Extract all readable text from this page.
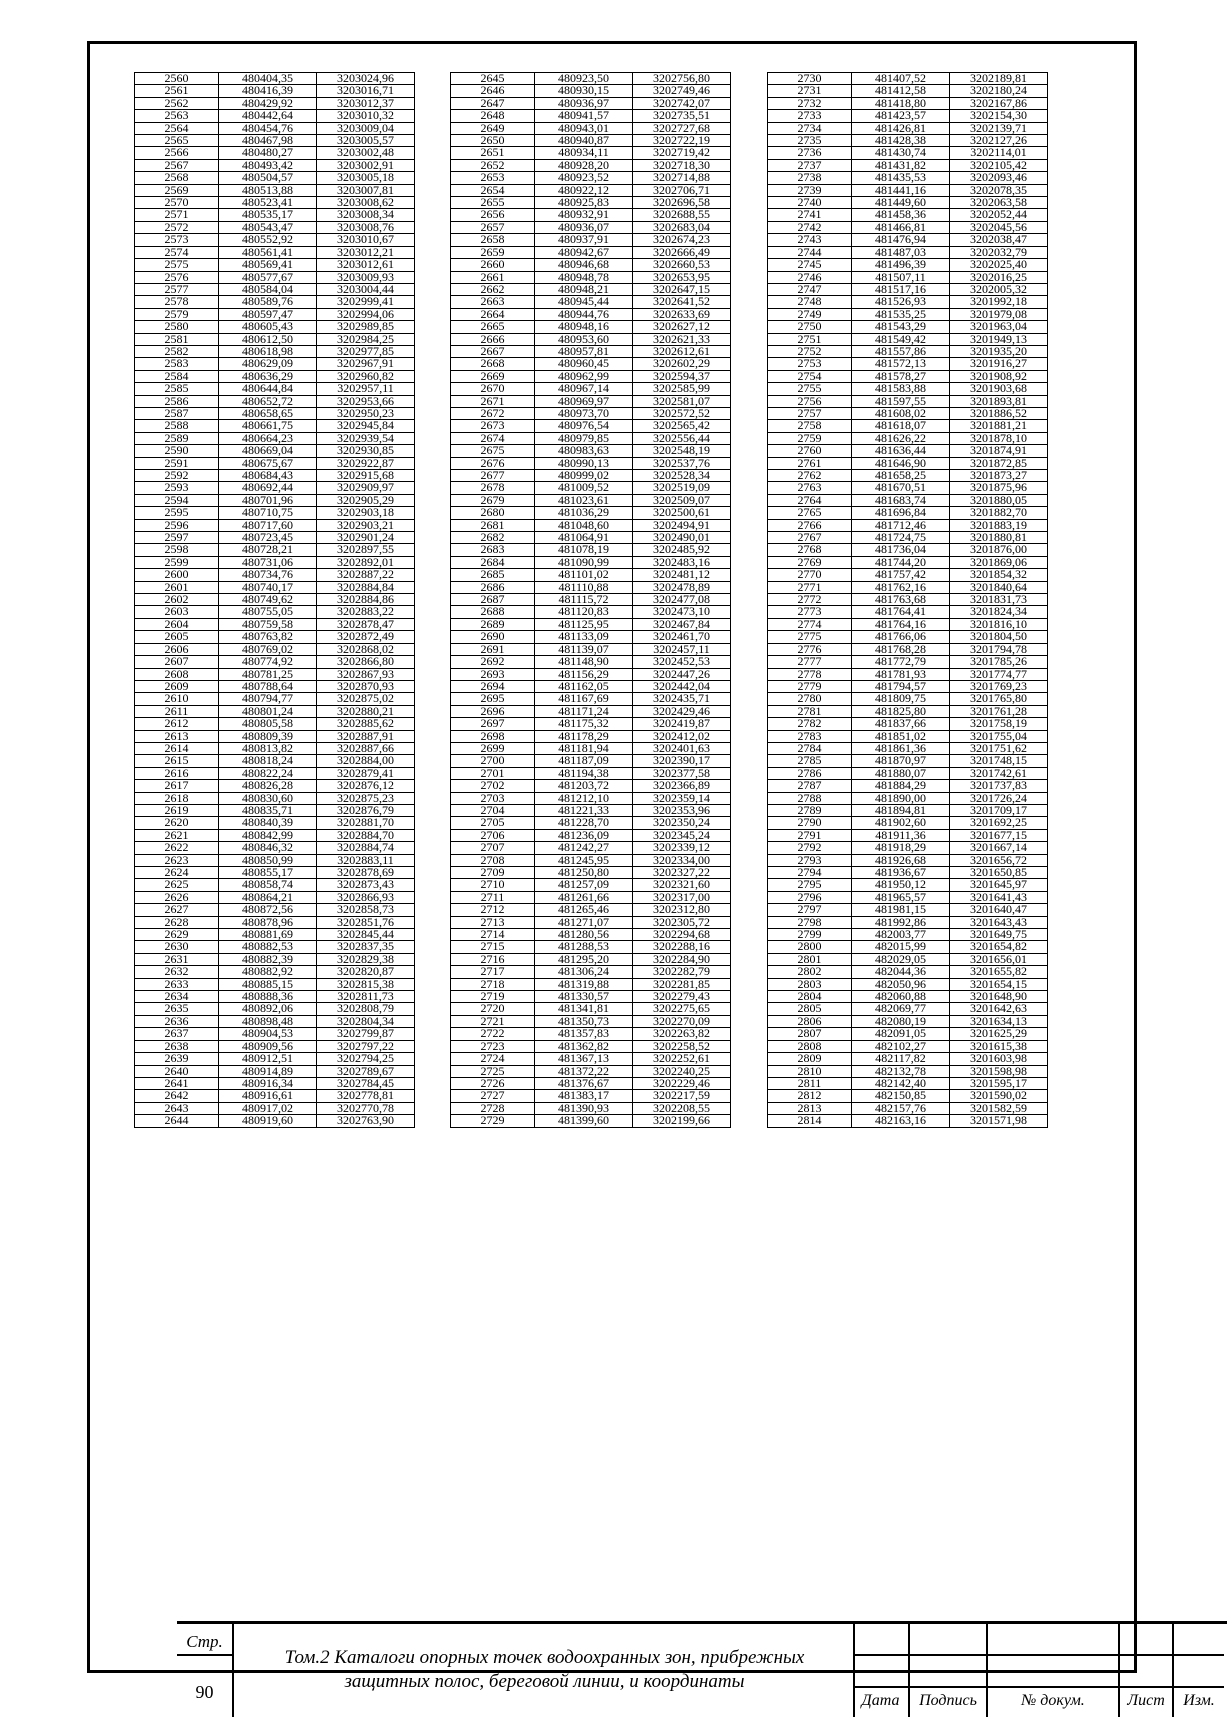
Стр.
90
Том.2 Каталоги опорных точек водоохранных зон, прибрежных
защитных полос, береговой линии, и координаты
Дата	Подпись	№ докум.	Лист	Изм.
2560	480404,35	3203024,96
2561	480416,39	3203016,71
2562	480429,92	3203012,37
2563	480442,64	3203010,32
2564	480454,76	3203009,04
2565	480467,98	3203005,57
2566	480480,27	3203002,48
2567	480493,42	3203002,91
2568	480504,57	3203005,18
2569	480513,88	3203007,81
2570	480523,41	3203008,62
2571	480535,17	3203008,34
2572	480543,47	3203008,76
2573	480552,92	3203010,67
2574	480561,41	3203012,21
2575	480569,41	3203012,61
2576	480577,67	3203009,93
2577	480584,04	3203004,44
2578	480589,76	3202999,41
2579	480597,47	3202994,06
2580	480605,43	3202989,85
2581	480612,50	3202984,25
2582	480618,98	3202977,85
2583	480629,09	3202967,91
2584	480636,29	3202960,82
2585	480644,84	3202957,11
2586	480652,72	3202953,66
2587	480658,65	3202950,23
2588	480661,75	3202945,84
2589	480664,23	3202939,54
2590	480669,04	3202930,85
2591	480675,67	3202922,87
2592	480684,43	3202915,68
2593	480692,44	3202909,97
2594	480701,96	3202905,29
2595	480710,75	3202903,18
2596	480717,60	3202903,21
2597	480723,45	3202901,24
2598	480728,21	3202897,55
2599	480731,06	3202892,01
2600	480734,76	3202887,22
2601	480740,17	3202884,84
2602	480749,62	3202884,86
2603	480755,05	3202883,22
2604	480759,58	3202878,47
2605	480763,82	3202872,49
2606	480769,02	3202868,02
2607	480774,92	3202866,80
2608	480781,25	3202867,93
2609	480788,64	3202870,93
2610	480794,77	3202875,02
2611	480801,24	3202880,21
2612	480805,58	3202885,62
2613	480809,39	3202887,91
2614	480813,82	3202887,66
2615	480818,24	3202884,00
2616	480822,24	3202879,41
2617	480826,28	3202876,12
2618	480830,60	3202875,23
2619	480835,71	3202876,79
2620	480840,39	3202881,70
2621	480842,99	3202884,70
2622	480846,32	3202884,74
2623	480850,99	3202883,11
2624	480855,17	3202878,69
2625	480858,74	3202873,43
2626	480864,21	3202866,93
2627	480872,56	3202858,73
2628	480878,96	3202851,76
2629	480881,69	3202845,44
2630	480882,53	3202837,35
2631	480882,39	3202829,38
2632	480882,92	3202820,87
2633	480885,15	3202815,38
2634	480888,36	3202811,73
2635	480892,06	3202808,79
2636	480898,48	3202804,34
2637	480904,53	3202799,87
2638	480909,56	3202797,22
2639	480912,51	3202794,25
2640	480914,89	3202789,67
2641	480916,34	3202784,45
2642	480916,61	3202778,81
2643	480917,02	3202770,78
2644	480919,60	3202763,90
2645	480923,50	3202756,80
2646	480930,15	3202749,46
2647	480936,97	3202742,07
2648	480941,57	3202735,51
2649	480943,01	3202727,68
2650	480940,87	3202722,19
2651	480934,11	3202719,42
2652	480928,20	3202718,30
2653	480923,52	3202714,88
2654	480922,12	3202706,71
2655	480925,83	3202696,58
2656	480932,91	3202688,55
2657	480936,07	3202683,04
2658	480937,91	3202674,23
2659	480942,67	3202666,49
2660	480946,68	3202660,53
2661	480948,78	3202653,95
2662	480948,21	3202647,15
2663	480945,44	3202641,52
2664	480944,76	3202633,69
2665	480948,16	3202627,12
2666	480953,60	3202621,33
2667	480957,81	3202612,61
2668	480960,45	3202602,29
2669	480962,99	3202594,37
2670	480967,14	3202585,99
2671	480969,97	3202581,07
2672	480973,70	3202572,52
2673	480976,54	3202565,42
2674	480979,85	3202556,44
2675	480983,63	3202548,19
2676	480990,13	3202537,76
2677	480999,02	3202528,34
2678	481009,52	3202519,09
2679	481023,61	3202509,07
2680	481036,29	3202500,61
2681	481048,60	3202494,91
2682	481064,91	3202490,01
2683	481078,19	3202485,92
2684	481090,99	3202483,16
2685	481101,02	3202481,12
2686	481110,88	3202478,89
2687	481115,72	3202477,08
2688	481120,83	3202473,10
2689	481125,95	3202467,84
2690	481133,09	3202461,70
2691	481139,07	3202457,11
2692	481148,90	3202452,53
2693	481156,29	3202447,26
2694	481162,05	3202442,04
2695	481167,69	3202435,71
2696	481171,24	3202429,46
2697	481175,32	3202419,87
2698	481178,29	3202412,02
2699	481181,94	3202401,63
2700	481187,09	3202390,17
2701	481194,38	3202377,58
2702	481203,72	3202366,89
2703	481212,10	3202359,14
2704	481221,33	3202353,96
2705	481228,70	3202350,24
2706	481236,09	3202345,24
2707	481242,27	3202339,12
2708	481245,95	3202334,00
2709	481250,80	3202327,22
2710	481257,09	3202321,60
2711	481261,66	3202317,00
2712	481265,46	3202312,80
2713	481271,07	3202305,72
2714	481280,56	3202294,68
2715	481288,53	3202288,16
2716	481295,20	3202284,90
2717	481306,24	3202282,79
2718	481319,88	3202281,85
2719	481330,57	3202279,43
2720	481341,81	3202275,65
2721	481350,73	3202270,09
2722	481357,83	3202263,82
2723	481362,82	3202258,52
2724	481367,13	3202252,61
2725	481372,22	3202240,25
2726	481376,67	3202229,46
2727	481383,17	3202217,59
2728	481390,93	3202208,55
2729	481399,60	3202199,66
2730	481407,52	3202189,81
2731	481412,58	3202180,24
2732	481418,80	3202167,86
2733	481423,57	3202154,30
2734	481426,81	3202139,71
2735	481428,38	3202127,26
2736	481430,74	3202114,01
2737	481431,82	3202105,42
2738	481435,53	3202093,46
2739	481441,16	3202078,35
2740	481449,60	3202063,58
2741	481458,36	3202052,44
2742	481466,81	3202045,56
2743	481476,94	3202038,47
2744	481487,03	3202032,79
2745	481496,39	3202025,40
2746	481507,11	3202016,25
2747	481517,16	3202005,32
2748	481526,93	3201992,18
2749	481535,25	3201979,08
2750	481543,29	3201963,04
2751	481549,42	3201949,13
2752	481557,86	3201935,20
2753	481572,13	3201916,27
2754	481578,27	3201908,92
2755	481583,88	3201903,68
2756	481597,55	3201893,81
2757	481608,02	3201886,52
2758	481618,07	3201881,21
2759	481626,22	3201878,10
2760	481636,44	3201874,91
2761	481646,90	3201872,85
2762	481658,25	3201873,27
2763	481670,51	3201875,96
2764	481683,74	3201880,05
2765	481696,84	3201882,70
2766	481712,46	3201883,19
2767	481724,75	3201880,81
2768	481736,04	3201876,00
2769	481744,20	3201869,06
2770	481757,42	3201854,32
2771	481762,16	3201840,64
2772	481763,68	3201831,73
2773	481764,41	3201824,34
2774	481764,16	3201816,10
2775	481766,06	3201804,50
2776	481768,28	3201794,78
2777	481772,79	3201785,26
2778	481781,93	3201774,77
2779	481794,57	3201769,23
2780	481809,75	3201765,80
2781	481825,80	3201761,28
2782	481837,66	3201758,19
2783	481851,02	3201755,04
2784	481861,36	3201751,62
2785	481870,97	3201748,15
2786	481880,07	3201742,61
2787	481884,29	3201737,83
2788	481890,00	3201726,24
2789	481894,81	3201709,17
2790	481902,60	3201692,25
2791	481911,36	3201677,15
2792	481918,29	3201667,14
2793	481926,68	3201656,72
2794	481936,67	3201650,85
2795	481950,12	3201645,97
2796	481965,57	3201641,43
2797	481981,15	3201640,47
2798	481992,86	3201643,43
2799	482003,77	3201649,75
2800	482015,99	3201654,82
2801	482029,05	3201656,01
2802	482044,36	3201655,82
2803	482050,96	3201654,15
2804	482060,88	3201648,90
2805	482069,77	3201642,63
2806	482080,19	3201634,13
2807	482091,05	3201625,29
2808	482102,27	3201615,38
2809	482117,82	3201603,98
2810	482132,78	3201598,98
2811	482142,40	3201595,17
2812	482150,85	3201590,02
2813	482157,76	3201582,59
2814	482163,16	3201571,98
